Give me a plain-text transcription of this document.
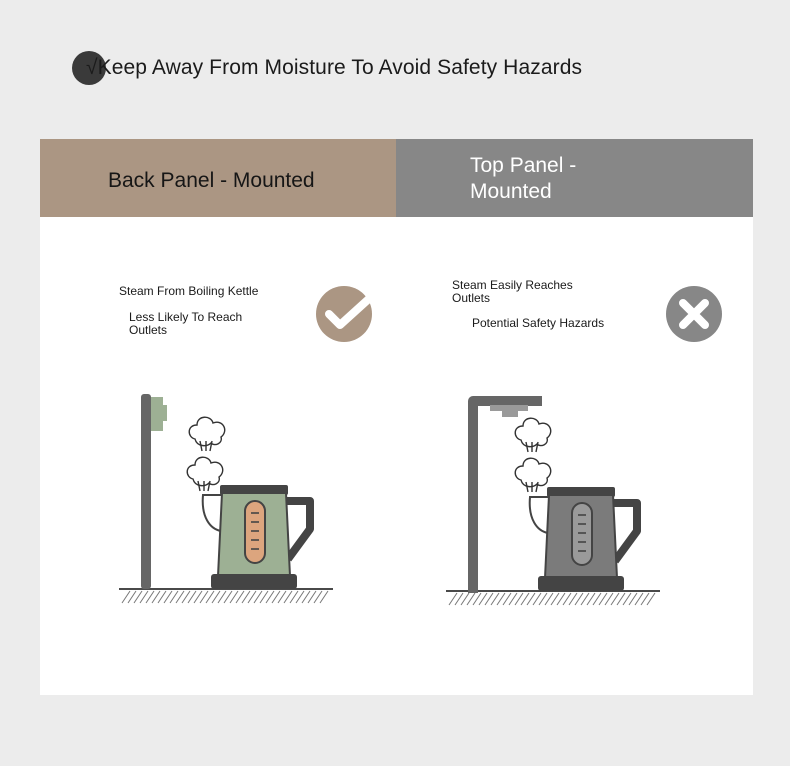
√Keep Away From Moisture To Avoid Safety Hazards
Back Panel - Mounted
Top Panel - Mounted
Steam From Boiling Kettle
Less Likely To Reach Outlets
Steam Easily Reaches Outlets
Potential Safety Hazards
